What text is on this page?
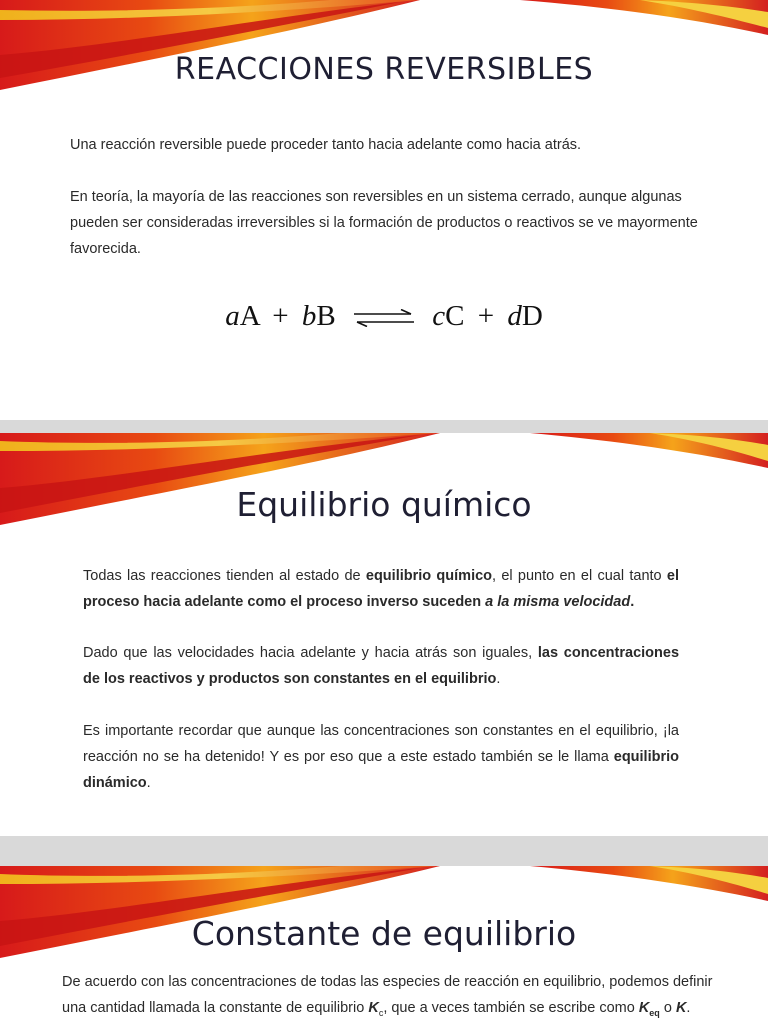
REACCIONES REVERSIBLES
Una reacción reversible puede proceder tanto hacia adelante como hacia atrás.
En teoría, la mayoría de las reacciones son reversibles en un sistema cerrado, aunque algunas pueden ser consideradas irreversibles si la formación de productos o reactivos se ve mayormente favorecida.
aA + bB ⇌ cC + dD
Equilibrio químico

Todas las reacciones tienden al estado de equilibrio químico, el punto en el cual tanto el proceso hacia adelante como el proceso inverso suceden a la misma velocidad.

Dado que las velocidades hacia adelante y hacia atrás son iguales, las concentraciones de los reactivos y productos son constantes en el equilibrio.

Es importante recordar que aunque las concentraciones son constantes en el equilibrio, ¡la reacción no se ha detenido! Y es por eso que a este estado también se le llama equilibrio dinámico.

Constante de equilibrio

De acuerdo con las concentraciones de todas las especies de reacción en equilibrio, podemos definir una cantidad llamada la constante de equilibrio $K_c$, que a veces también se escribe como $K_{eq}$ o K.
